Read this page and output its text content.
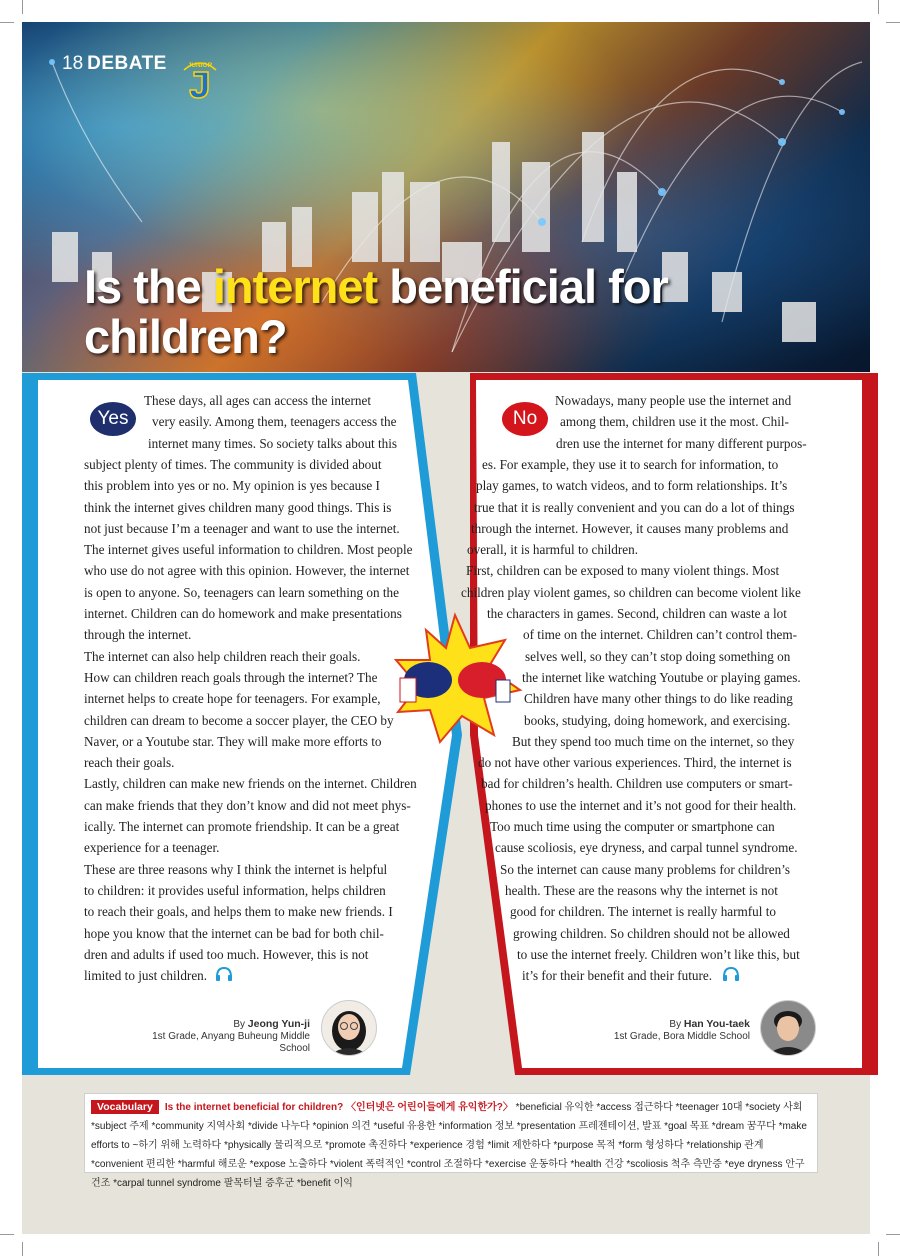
18 DEBATE	JUNIOR
Is the internet beneficial for
children?
Yes
These days, all ages can access the internet
very easily. Among them, teenagers access the
internet many times. So society talks about this
subject plenty of times. The community is divided about
this problem into yes or no. My opinion is yes because I
think the internet gives children many good things. This is
not just because I’m a teenager and want to use the internet.
The internet gives useful information to children. Most people
who use do not agree with this opinion. However, the internet
is open to anyone. So, teenagers can learn something on the
internet. Children can do homework and make presentations
through the internet.
The internet can also help children reach their goals.
How can children reach goals through the internet? The
internet helps to create hope for teenagers. For example,
children can dream to become a soccer player, the CEO by
Naver, or a Youtube star. They will make more efforts to
reach their goals.
Lastly, children can make new friends on the internet. Children
can make friends that they don’t know and did not meet phys-
ically. The internet can promote friendship. It can be a great
experience for a teenager.
These are three reasons why I think the internet is helpful
to children: it provides useful information, helps children
to reach their goals, and helps them to make new friends. I
hope you know that the internet can be bad for both chil-
dren and adults if used too much. However, this is not
limited to just children.
No
Nowadays, many people use the internet and
among them, children use it the most. Chil-
dren use the internet for many different purpos-
es. For example, they use it to search for information, to
play games, to watch videos, and to form relationships. It’s
true that it is really convenient and you can do a lot of things
through the internet. However, it causes many problems and
overall, it is harmful to children.
First, children can be exposed to many violent things. Most
children play violent games, so children can become violent like
the characters in games. Second, children can waste a lot
of time on the internet. Children can’t control them-
selves well, so they can’t stop doing something on
the internet like watching Youtube or playing games.
Children have many other things to do like reading
books, studying, doing homework, and exercising.
But they spend too much time on the internet, so they
do not have other various experiences. Third, the internet is
bad for children’s health. Children use computers or smart-
phones to use the internet and it’s not good for their health.
Too much time using the computer or smartphone can
cause scoliosis, eye dryness, and carpal tunnel syndrome.
So the internet can cause many problems for children’s
health. These are the reasons why the internet is not
good for children. The internet is really harmful to
growing children. So children should not be allowed
to use the internet freely. Children won’t like this, but
it’s for their benefit and their future.
By Jeong Yun-ji
1st Grade, Anyang Buheung Middle School
By Han You-taek
1st Grade, Bora Middle School
Vocabulary Is the internet beneficial for children? 〈인터넷은 어린이들에게 유익한가?〉 *beneficial 유익한 *access 접근하다 *teenager 10대 *society 사회 *subject 주제 *community 지역사회 *divide 나누다 *opinion 의견 *useful 유용한 *information 정보 *presentation 프레젠테이션, 발표 *goal 목표 *dream 꿈꾸다 *make efforts to ~하기 위해 노력하다 *physically 물리적으로 *promote 촉진하다 *experience 경험 *limit 제한하다 *purpose 목적 *form 형성하다 *relationship 관계 *convenient 편리한 *harmful 해로운 *expose 노출하다 *violent 폭력적인 *control 조절하다 *exercise 운동하다 *health 건강 *scoliosis 척추 측만증 *eye dryness 안구 건조 *carpal tunnel syndrome 팔목터널 증후군 *benefit 이익
